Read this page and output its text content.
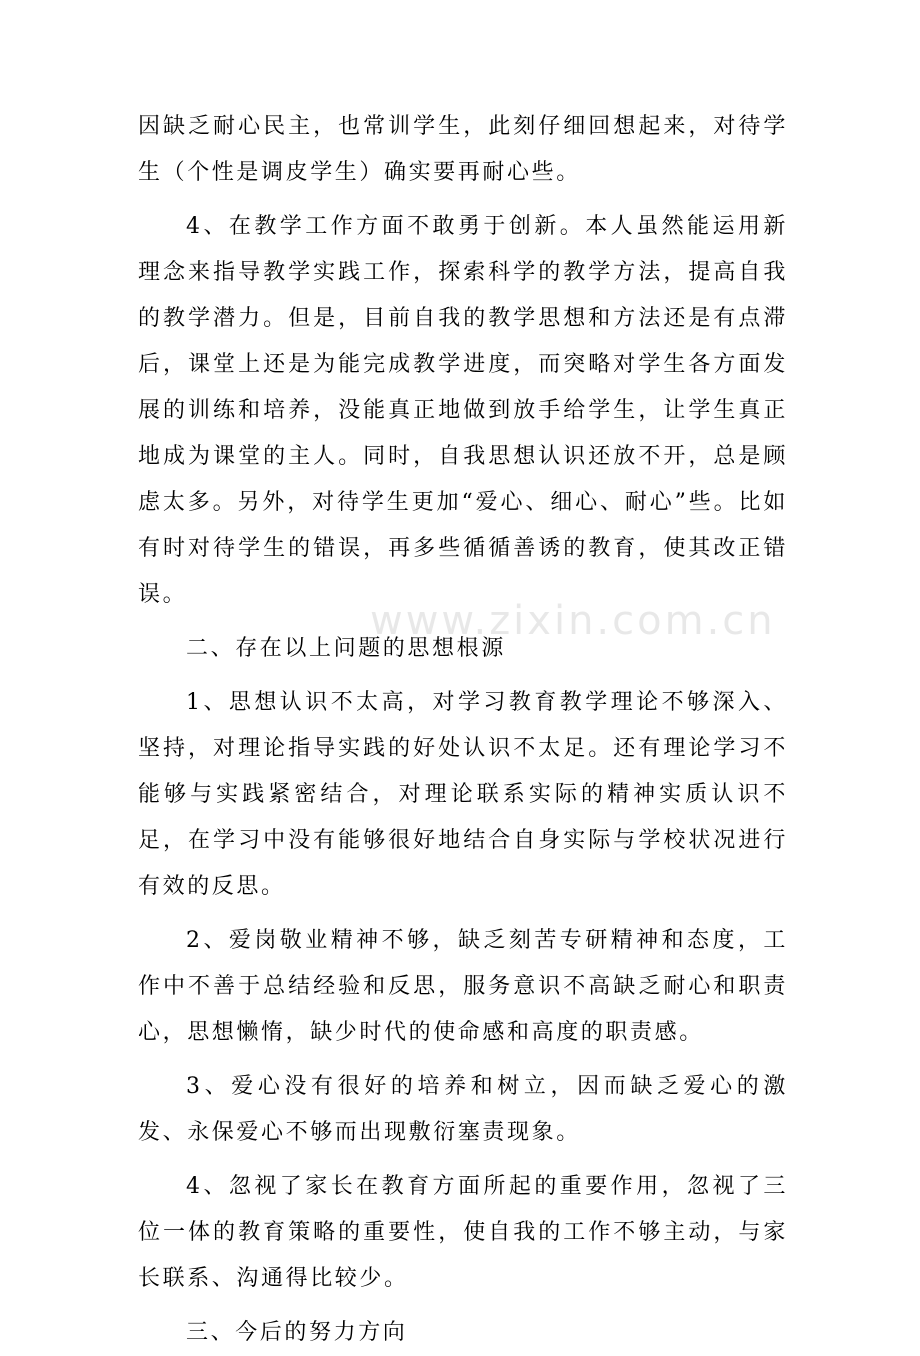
因缺乏耐心民主，也常训学生，此刻仔细回想起来，对待学生（个性是调皮学生）确实要再耐心些。

4、在教学工作方面不敢勇于创新。本人虽然能运用新理念来指导教学实践工作，探索科学的教学方法，提高自我的教学潜力。但是，目前自我的教学思想和方法还是有点滞后，课堂上还是为能完成教学进度，而突略对学生各方面发展的训练和培养，没能真正地做到放手给学生，让学生真正地成为课堂的主人。同时，自我思想认识还放不开，总是顾虑太多。另外，对待学生更加“爱心、细心、耐心”些。比如有时对待学生的错误，再多些循循善诱的教育，使其改正错误。

二、存在以上问题的思想根源

1、思想认识不太高，对学习教育教学理论不够深入、坚持，对理论指导实践的好处认识不太足。还有理论学习不能够与实践紧密结合，对理论联系实际的精神实质认识不足，在学习中没有能够很好地结合自身实际与学校状况进行有效的反思。

2、爱岗敬业精神不够，缺乏刻苦专研精神和态度，工作中不善于总结经验和反思，服务意识不高缺乏耐心和职责心，思想懒惰，缺少时代的使命感和高度的职责感。

3、爱心没有很好的培养和树立，因而缺乏爱心的激发、永保爱心不够而出现敷衍塞责现象。

4、忽视了家长在教育方面所起的重要作用，忽视了三位一体的教育策略的重要性，使自我的工作不够主动，与家长联系、沟通得比较少。

三、今后的努力方向

www.zixin.com.cn
